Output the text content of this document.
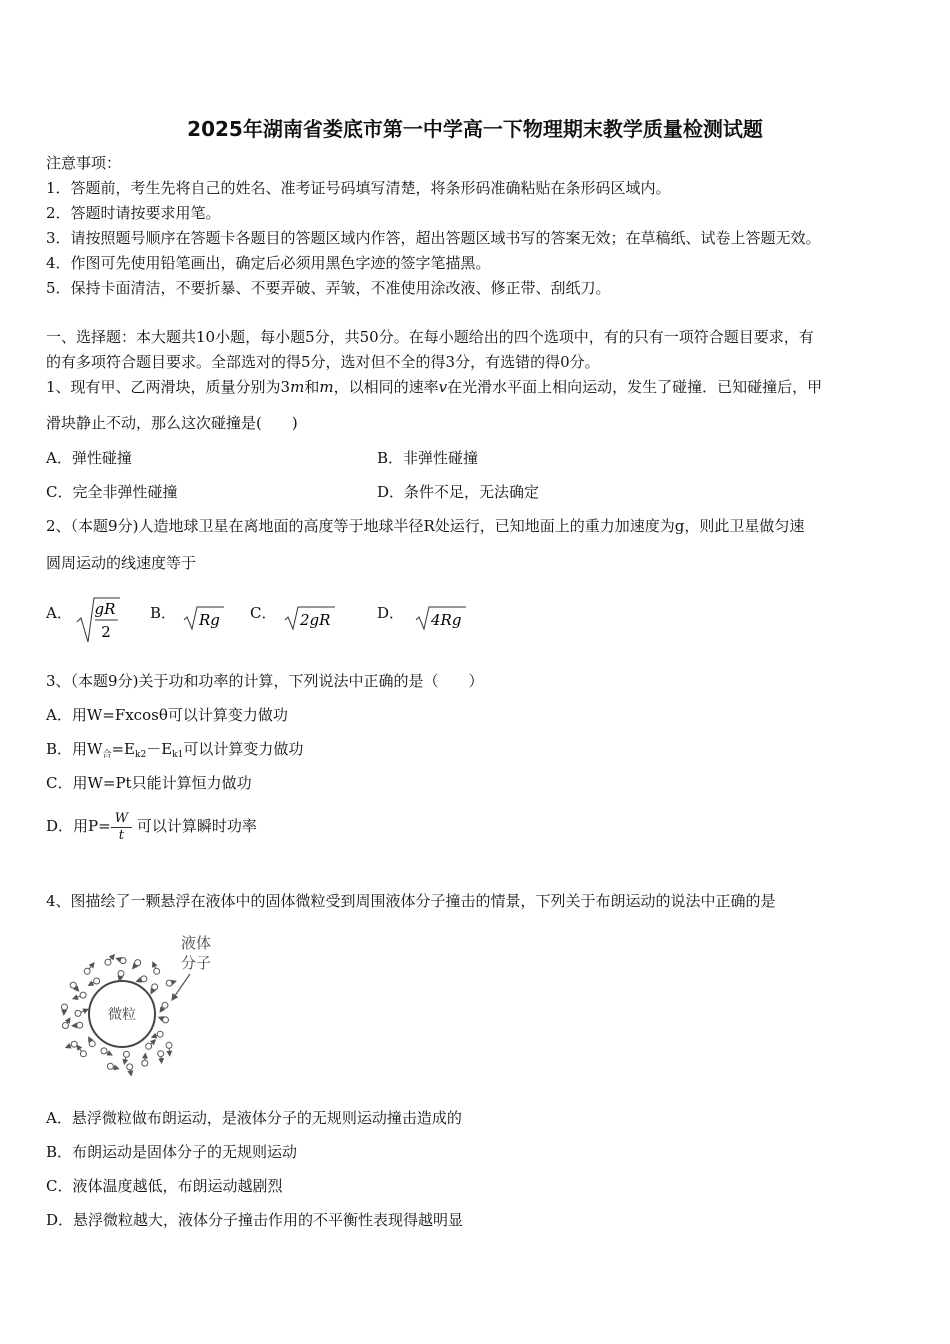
2025年湖南省娄底市第一中学高一下物理期末教学质量检测试题
注意事项：
1．答题前，考生先将自己的姓名、准考证号码填写清楚，将条形码准确粘贴在条形码区域内。
2．答题时请按要求用笔。
3．请按照题号顺序在答题卡各题目的答题区域内作答，超出答题区域书写的答案无效；在草稿纸、试卷上答题无效。
4．作图可先使用铅笔画出，确定后必须用黑色字迹的签字笔描黑。
5．保持卡面清洁，不要折暴、不要弄破、弄皱，不准使用涂改液、修正带、刮纸刀。
一、选择题：本大题共10小题，每小题5分，共50分。在每小题给出的四个选项中，有的只有一项符合题目要求，有
的有多项符合题目要求。全部选对的得5分，选对但不全的得3分，有选错的得0分。
1、现有甲、乙两滑块，质量分别为3m和m，以相同的速率v在光滑水平面上相向运动，发生了碰撞．已知碰撞后，甲
滑块静止不动，那么这次碰撞是(　　)
A．弹性碰撞	B．非弹性碰撞
C．完全非弹性碰撞	D．条件不足，无法确定
2、（本题9分)人造地球卫星在离地面的高度等于地球半径R处运行，已知地面上的重力加速度为g，则此卫星做匀速
圆周运动的线速度等于
A． gR
2
B． Rg C． 2gR	D． 4Rg
3、（本题9分)关于功和功率的计算，下列说法中正确的是（　　）
A．用W=Fxcosθ可以计算变力做功
B．用$W_合=E_{k2}-E_{k1}$可以计算变力做功
C．用W=Pt只能计算恒力做功
D．用$P= \frac{W}{t}$ 可以计算瞬时功率
4、图描绘了一颗悬浮在液体中的固体微粒受到周围液体分子撞击的情景，下列关于布朗运动的说法中正确的是
微粒
液体
分子
A．悬浮微粒做布朗运动，是液体分子的无规则运动撞击造成的
B．布朗运动是固体分子的无规则运动
C．液体温度越低，布朗运动越剧烈
D．悬浮微粒越大，液体分子撞击作用的不平衡性表现得越明显
